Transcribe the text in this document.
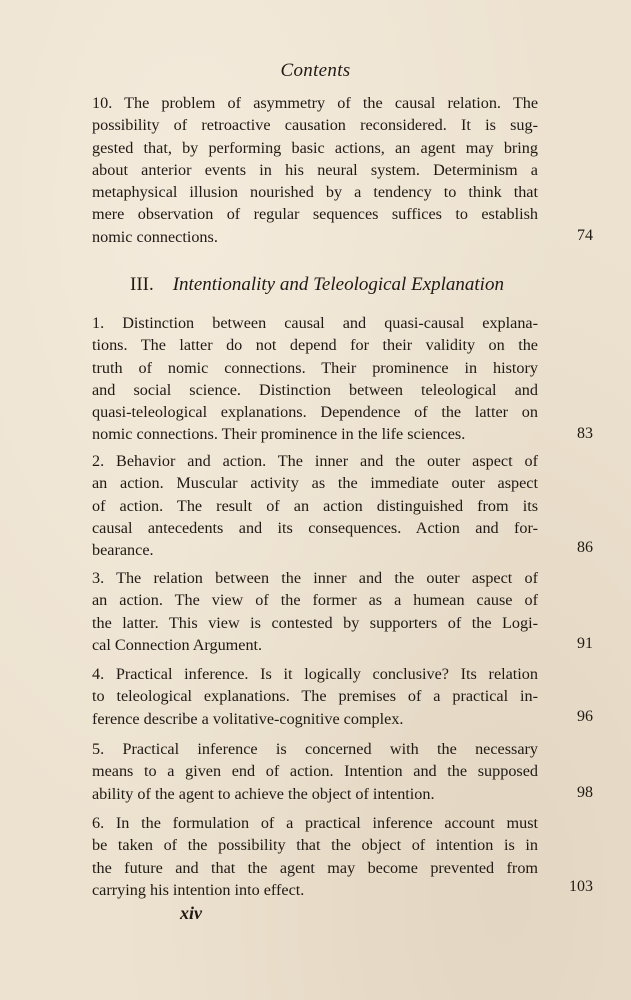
Contents
10. The problem of asymmetry of the causal relation. The
possibility of retroactive causation reconsidered. It is sug-
gested that, by performing basic actions, an agent may bring
about anterior events in his neural system. Determinism a
metaphysical illusion nourished by a tendency to think that
mere observation of regular sequences suffices to establish
nomic connections.	74
III. Intentionality and Teleological Explanation
1. Distinction between causal and quasi-causal explana-
tions. The latter do not depend for their validity on the
truth of nomic connections. Their prominence in history
and social science. Distinction between teleological and
quasi-teleological explanations. Dependence of the latter on
nomic connections. Their prominence in the life sciences.	83
2. Behavior and action. The inner and the outer aspect of
an action. Muscular activity as the immediate outer aspect
of action. The result of an action distinguished from its
causal antecedents and its consequences. Action and for-
bearance.	86
3. The relation between the inner and the outer aspect of
an action. The view of the former as a humean cause of
the latter. This view is contested by supporters of the Logi-
cal Connection Argument.	91
4. Practical inference. Is it logically conclusive? Its relation
to teleological explanations. The premises of a practical in-
ference describe a volitative-cognitive complex.	96
5. Practical inference is concerned with the necessary
means to a given end of action. Intention and the supposed
ability of the agent to achieve the object of intention.	98
6. In the formulation of a practical inference account must
be taken of the possibility that the object of intention is in
the future and that the agent may become prevented from
carrying his intention into effect.	103
xiv
